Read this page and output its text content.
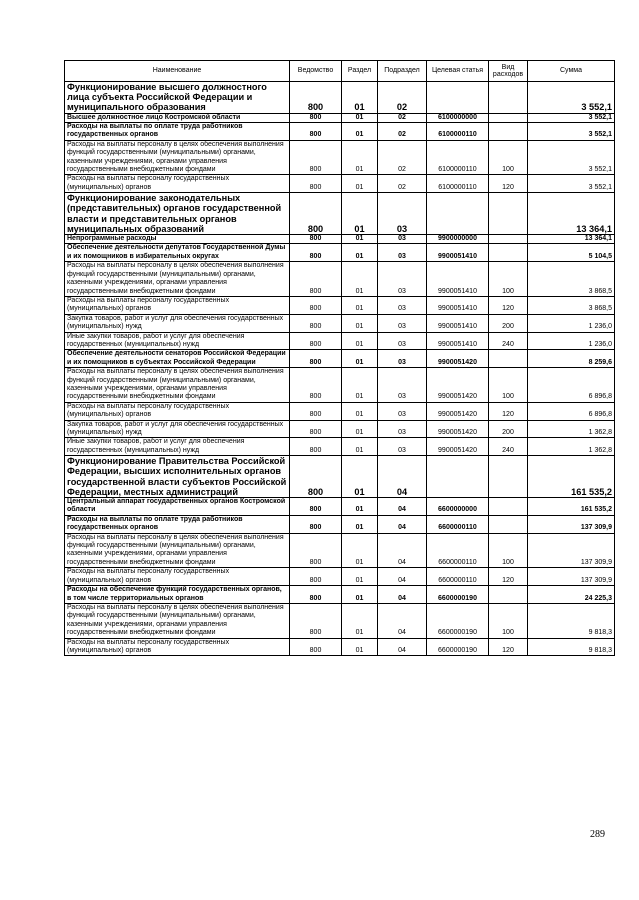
Наименование	Ведомство	Раздел	Подраздел	Целевая статья	Вид расходов	Сумма
Функционирование высшего должностного лица субъекта Российской Федерации и муниципального образования	800	01	02			3 552,1
Высшее должностное лицо Костромской области	800	01	02	6100000000		3 552,1
Расходы на выплаты по оплате труда работников государственных органов	800	01	02	6100000110		3 552,1
Расходы на выплаты персоналу в целях обеспечения выполнения функций государственными (муниципальными) органами, казенными учреждениями, органами управления государственными внебюджетными фондами	800	01	02	6100000110	100	3 552,1
Расходы на выплаты персоналу государственных (муниципальных) органов	800	01	02	6100000110	120	3 552,1
Функционирование законодательных (представительных) органов государственной власти и представительных органов муниципальных образований	800	01	03			13 364,1
Непрограммные расходы	800	01	03	9900000000		13 364,1
Обеспечение деятельности депутатов Государственной Думы и их помощников в избирательных округах	800	01	03	9900051410		5 104,5
Расходы на выплаты персоналу в целях обеспечения выполнения функций государственными (муниципальными) органами, казенными учреждениями, органами управления государственными внебюджетными фондами	800	01	03	9900051410	100	3 868,5
Расходы на выплаты персоналу государственных (муниципальных) органов	800	01	03	9900051410	120	3 868,5
Закупка товаров, работ и услуг для обеспечения государственных (муниципальных) нужд	800	01	03	9900051410	200	1 236,0
Иные закупки товаров, работ и услуг для обеспечения государственных (муниципальных) нужд	800	01	03	9900051410	240	1 236,0
Обеспечение деятельности сенаторов Российской Федерации и их помощников в субъектах Российской Федерации	800	01	03	9900051420		8 259,6
Расходы на выплаты персоналу в целях обеспечения выполнения функций государственными (муниципальными) органами, казенными учреждениями, органами управления государственными внебюджетными фондами	800	01	03	9900051420	100	6 896,8
Расходы на выплаты персоналу государственных (муниципальных) органов	800	01	03	9900051420	120	6 896,8
Закупка товаров, работ и услуг для обеспечения государственных (муниципальных) нужд	800	01	03	9900051420	200	1 362,8
Иные закупки товаров, работ и услуг для обеспечения государственных (муниципальных) нужд	800	01	03	9900051420	240	1 362,8
Функционирование Правительства Российской Федерации, высших исполнительных органов государственной власти субъектов Российской Федерации, местных администраций	800	01	04			161 535,2
Центральный аппарат государственных органов Костромской области	800	01	04	6600000000		161 535,2
Расходы на выплаты по оплате труда работников государственных органов	800	01	04	6600000110		137 309,9
Расходы на выплаты персоналу в целях обеспечения выполнения функций государственными (муниципальными) органами, казенными учреждениями, органами управления государственными внебюджетными фондами	800	01	04	6600000110	100	137 309,9
Расходы на выплаты персоналу государственных (муниципальных) органов	800	01	04	6600000110	120	137 309,9
Расходы на обеспечение функций государственных органов, в том числе территориальных органов	800	01	04	6600000190		24 225,3
Расходы на выплаты персоналу в целях обеспечения выполнения функций государственными (муниципальными) органами, казенными учреждениями, органами управления государственными внебюджетными фондами	800	01	04	6600000190	100	9 818,3
Расходы на выплаты персоналу государственных (муниципальных) органов	800	01	04	6600000190	120	9 818,3
289
